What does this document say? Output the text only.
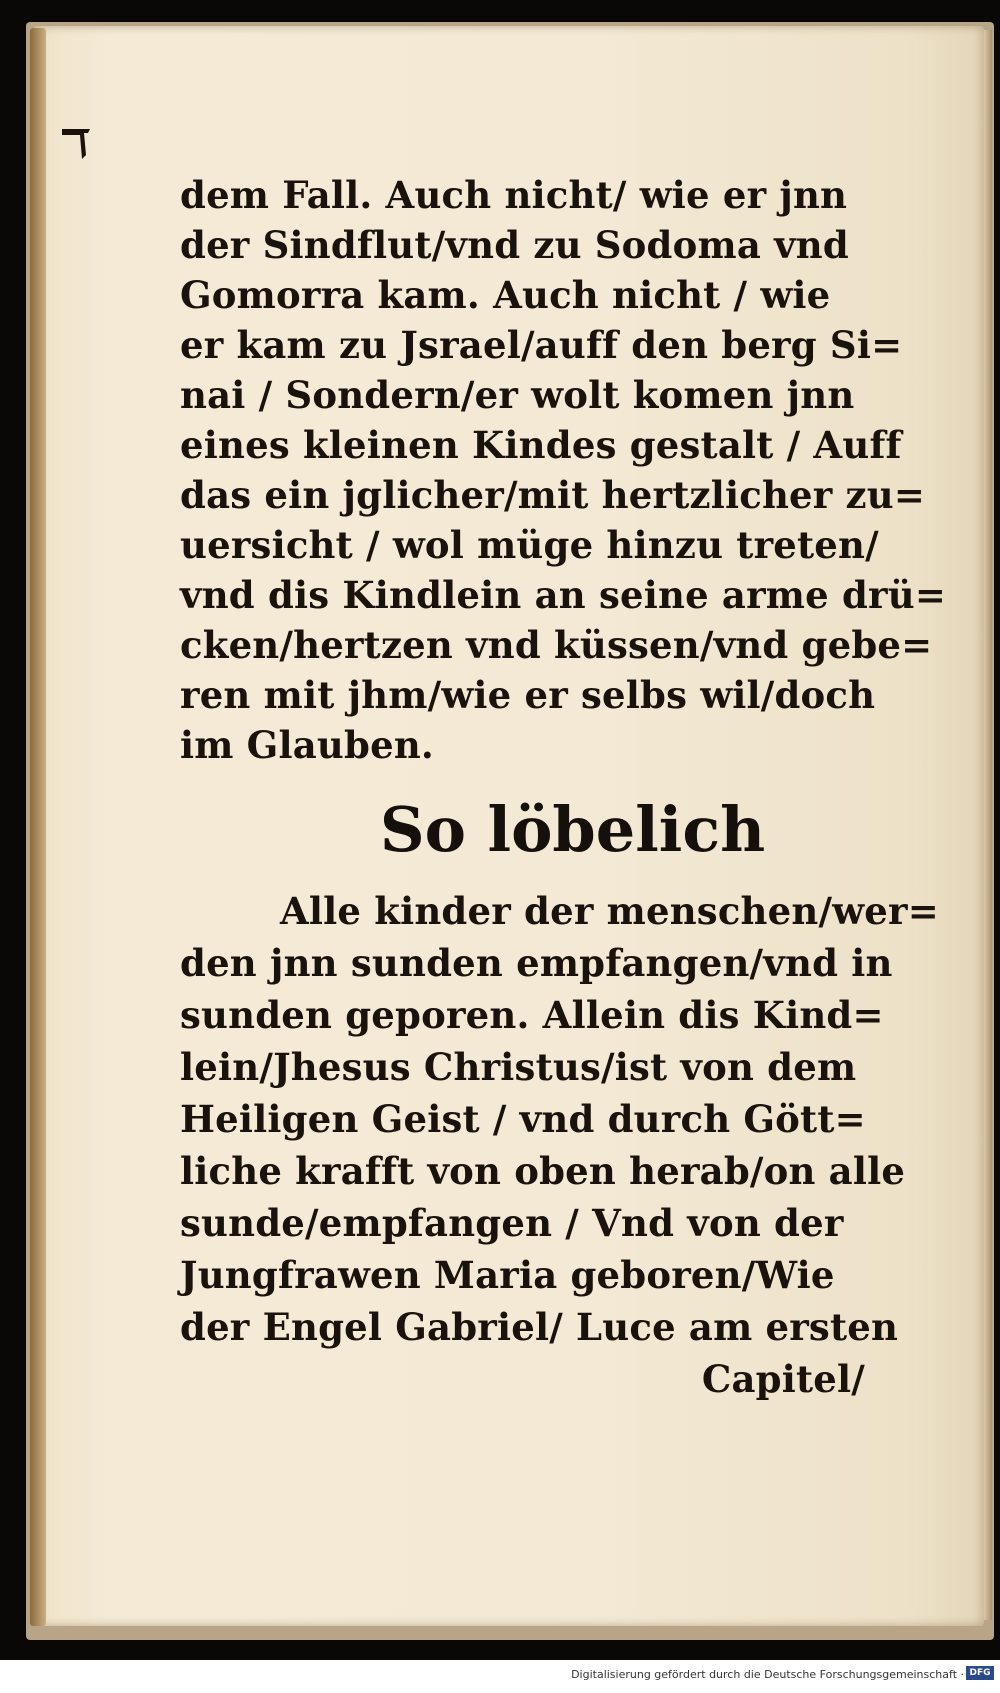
dem Fall. Auch nicht/ wie er jnn
der Sindflut/vnd zu Sodoma vnd
Gomorra kam. Auch nicht / wie
er kam zu Jsrael/auff den berg Si=
nai / Sondern/er wolt komen jnn
eines kleinen Kindes gestalt / Auff
das ein jglicher/mit hertzlicher zu=
uersicht / wol müge hinzu treten/
vnd dis Kindlein an seine arme drü=
cken/hertzen vnd küssen/vnd gebe=
ren mit jhm/wie er selbs wil/doch
im Glauben.
So löbelich
Alle kinder der menschen/wer=
den jnn sunden empfangen/vnd in
sunden geporen. Allein dis Kind=
lein/Jhesus Christus/ist von dem
Heiligen Geist / vnd durch Gött=
liche krafft von oben herab/on alle
sunde/empfangen / Vnd von der
Jungfrawen Maria geboren/Wie
der Engel Gabriel/ Luce am ersten
Capitel/
Digitalisierung gefördert durch die Deutsche Forschungsgemeinschaft · DFG
